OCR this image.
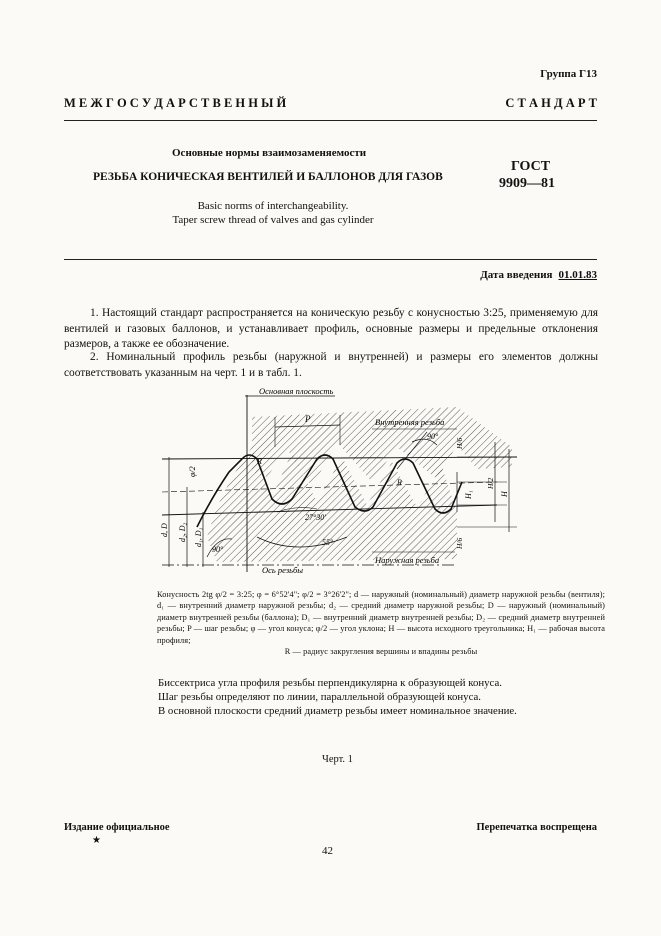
Группа Г13
М Е Ж Г О С У Д А Р С Т В Е Н Н Ы Й	С Т А Н Д А Р Т
Основные нормы взаимозаменяемости
РЕЗЬБА КОНИЧЕСКАЯ ВЕНТИЛЕЙ И БАЛЛОНОВ ДЛЯ ГАЗОВ
ГОСТ
9909—81
Basic norms of interchangeability.
Taper screw thread of valves and gas cylinder
Дата введения 01.01.83
1. Настоящий стандарт распространяется на коническую резьбу с конусностью 3:25, применяемую для вентилей и газовых баллонов, и устанавливает профиль, основные размеры и предельные отклонения размеров, а также ее обозначение.
2. Номинальный профиль резьбы (наружной и внутренней) и размеры его элементов должны соответствовать указанным на черт. 1 и в табл. 1.
Основная плоскость
Внутренняя резьба
Наружная резьба
Ось резьбы
P
90°
90°
27°30'
55°
φ/2
R
R
d, D d₂, D₂ d₁, D₁
H/6
H/2
H
H₁
H/6
Конусность 2tg φ/2 = 3:25; φ = 6°52'4"; φ/2 = 3°26'2"; d — наружный (номинальный) диаметр наружной резьбы (вентиля); d₁ — внутренний диаметр наружной резьбы; d₂ — средний диаметр наружной резьбы; D — наружный (номинальный) диаметр внутренней резьбы (баллона); D₁ — внутренний диаметр внутренней резьбы; D₂ — средний диаметр внутренней резьбы; P — шаг резьбы; φ — угол конуса; φ/2 — угол уклона; H — высота исходного треугольника; H₁ — рабочая высота профиля;
R — радиус закругления вершины и впадины резьбы
Биссектриса угла профиля резьбы перпендикулярна к образующей конуса.
Шаг резьбы определяют по линии, параллельной образующей конуса.
В основной плоскости средний диаметр резьбы имеет номинальное значение.
Черт. 1
Издание официальное
★
Перепечатка воспрещена
42
